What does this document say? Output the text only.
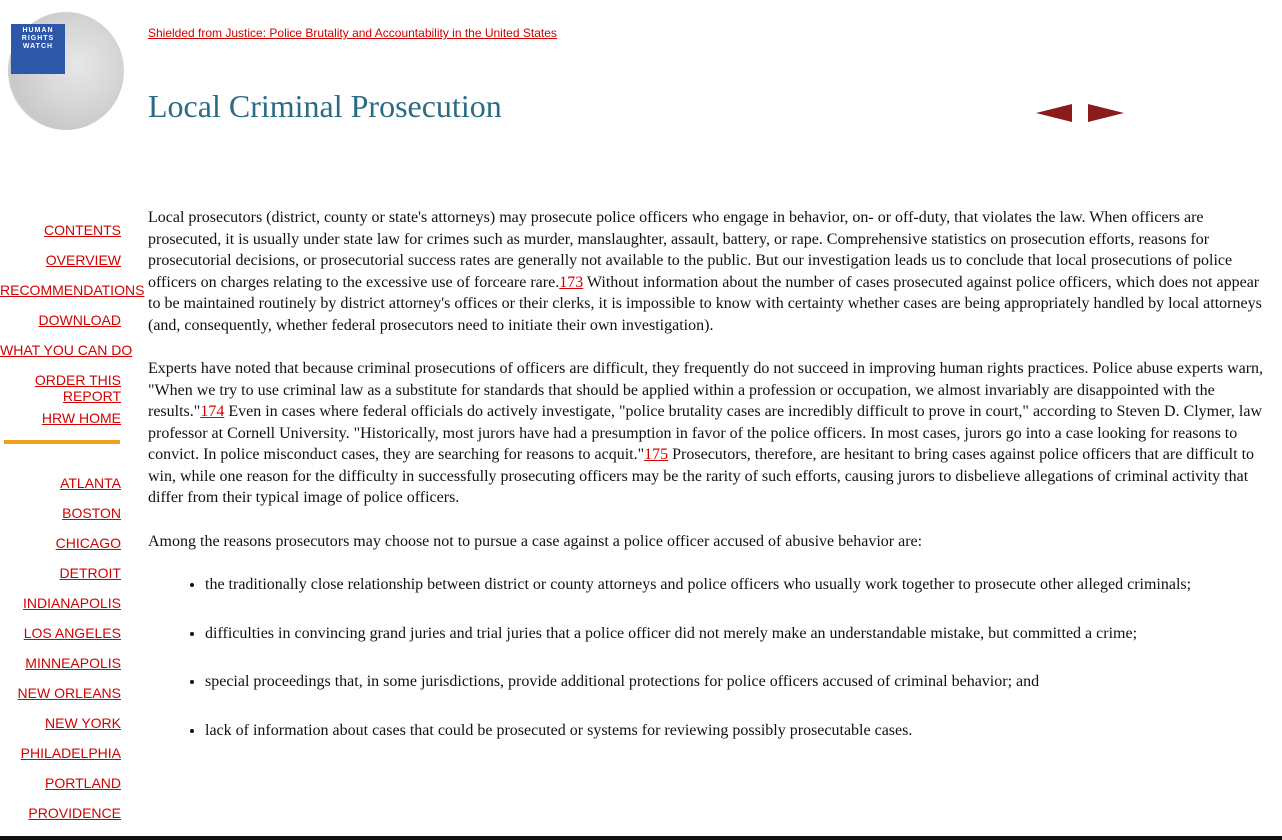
HUMAN
RIGHTS
WATCH
Shielded from Justice: Police Brutality and Accountability in the United States
Local Criminal Prosecution
CONTENTS
OVERVIEW
RECOMMENDATIONS
DOWNLOAD
WHAT YOU CAN DO
ORDER THIS
REPORT
HRW HOME
ATLANTA
BOSTON
CHICAGO
DETROIT
INDIANAPOLIS
LOS ANGELES
MINNEAPOLIS
NEW ORLEANS
NEW YORK
PHILADELPHIA
PORTLAND
PROVIDENCE

Local prosecutors (district, county or state's attorneys) may prosecute police officers who engage in behavior, on- or off-duty, that violates the law. When officers are prosecuted, it is usually under state law for crimes such as murder, manslaughter, assault, battery, or rape. Comprehensive statistics on prosecution efforts, reasons for prosecutorial decisions, or prosecutorial success rates are generally not available to the public. But our investigation leads us to conclude that local prosecutions of police officers on charges relating to the excessive use of forceare rare.173 Without information about the number of cases prosecuted against police officers, which does not appear to be maintained routinely by district attorney's offices or their clerks, it is impossible to know with certainty whether cases are being appropriately handled by local attorneys (and, consequently, whether federal prosecutors need to initiate their own investigation).

Experts have noted that because criminal prosecutions of officers are difficult, they frequently do not succeed in improving human rights practices. Police abuse experts warn, "When we try to use criminal law as a substitute for standards that should be applied within a profession or occupation, we almost invariably are disappointed with the results."174 Even in cases where federal officials do actively investigate, "police brutality cases are incredibly difficult to prove in court," according to Steven D. Clymer, law professor at Cornell University. "Historically, most jurors have had a presumption in favor of the police officers. In most cases, jurors go into a case looking for reasons to convict. In police misconduct cases, they are searching for reasons to acquit."175 Prosecutors, therefore, are hesitant to bring cases against police officers that are difficult to win, while one reason for the difficulty in successfully prosecuting officers may be the rarity of such efforts, causing jurors to disbelieve allegations of criminal activity that differ from their typical image of police officers.

Among the reasons prosecutors may choose not to pursue a case against a police officer accused of abusive behavior are:

• the traditionally close relationship between district or county attorneys and police officers who usually work together to prosecute other alleged criminals;
• difficulties in convincing grand juries and trial juries that a police officer did not merely make an understandable mistake, but committed a crime;
• special proceedings that, in some jurisdictions, provide additional protections for police officers accused of criminal behavior; and
• lack of information about cases that could be prosecuted or systems for reviewing possibly prosecutable cases.
